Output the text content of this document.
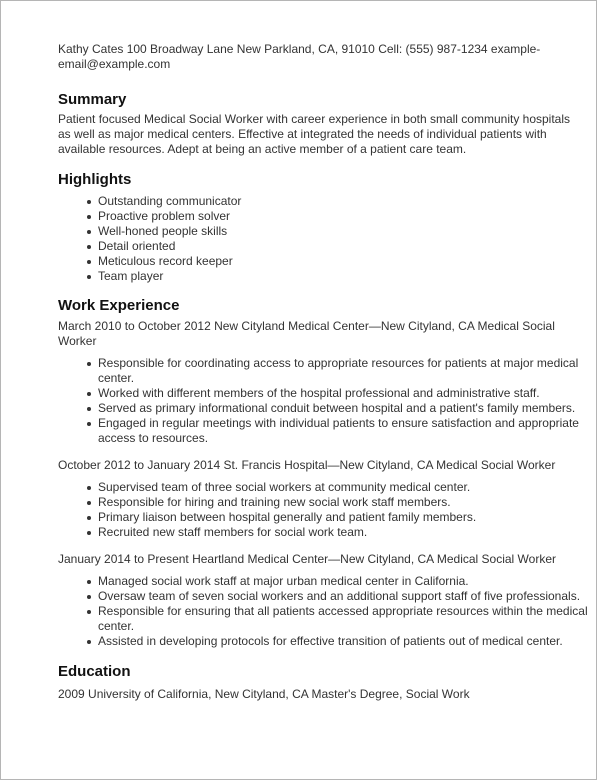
Kathy Cates 100 Broadway Lane New Parkland, CA, 91010 Cell: (555) 987-1234 example-email@example.com

Summary

Patient focused Medical Social Worker with career experience in both small community hospitals as well as major medical centers. Effective at integrated the needs of individual patients with available resources. Adept at being an active member of a patient care team.

Highlights
Outstanding communicator
Proactive problem solver
Well-honed people skills
Detail oriented
Meticulous record keeper
Team player
Work Experience

March 2010 to October 2012 New Cityland Medical Center—New Cityland, CA Medical Social Worker

Responsible for coordinating access to appropriate resources for patients at major medical center.
Worked with different members of the hospital professional and administrative staff.
Served as primary informational conduit between hospital and a patient's family members.
Engaged in regular meetings with individual patients to ensure satisfaction and appropriate access to resources.

October 2012 to January 2014 St. Francis Hospital—New Cityland, CA Medical Social Worker

Supervised team of three social workers at community medical center.
Responsible for hiring and training new social work staff members.
Primary liaison between hospital generally and patient family members.
Recruited new staff members for social work team.

January 2014 to Present Heartland Medical Center—New Cityland, CA Medical Social Worker

Managed social work staff at major urban medical center in California.
Oversaw team of seven social workers and an additional support staff of five professionals.
Responsible for ensuring that all patients accessed appropriate resources within the medical center.
Assisted in developing protocols for effective transition of patients out of medical center.
Education

2009 University of California, New Cityland, CA Master's Degree, Social Work
